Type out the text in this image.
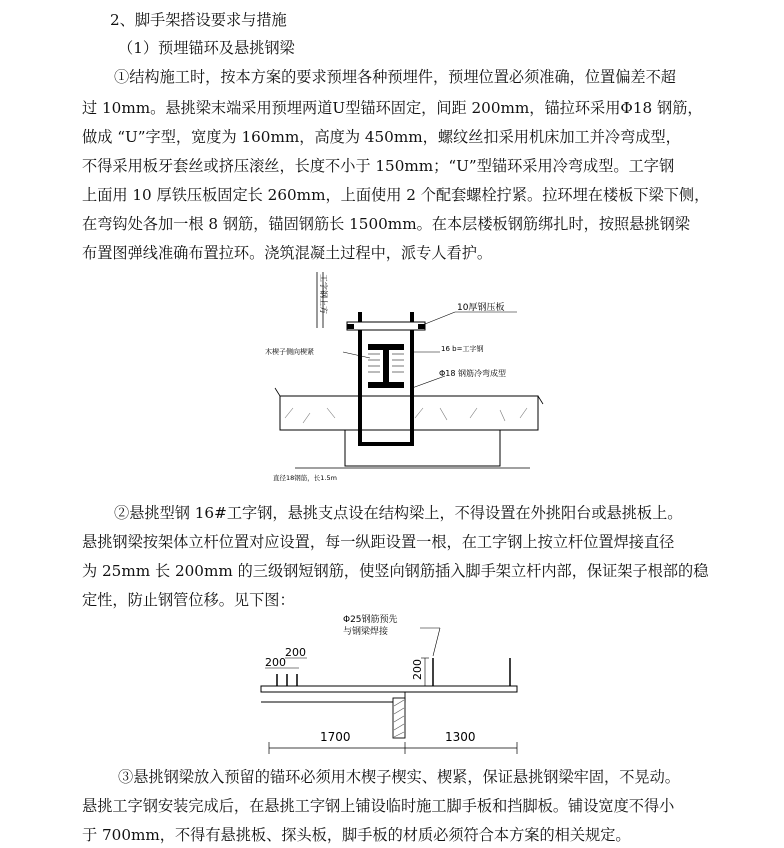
2、脚手架搭设要求与措施
（1）预埋锚环及悬挑钢梁
①结构施工时，按本方案的要求预埋各种预埋件，预埋位置必须准确，位置偏差不超
过 10mm。悬挑梁末端采用预埋两道U型锚环固定，间距 200mm，锚拉环采用Φ18 钢筋，
做成 “U”字型，宽度为 160mm，高度为 450mm，螺纹丝扣采用机床加工并冷弯成型，
不得采用板牙套丝或挤压滚丝，长度不小于 150mm；“U”型锚环采用冷弯成型。工字钢
上面用 10 厚铁压板固定长 260mm，上面使用 2 个配套螺栓拧紧。拉环埋在楼板下梁下侧，
在弯钩处各加一根 8 钢筋，锚固钢筋长 1500mm。在本层楼板钢筋绑扎时，按照悬挑钢梁
布置图弹线准确布置拉环。浇筑混凝土过程中，派专人看护。
工字钢上方	10厚钢压板
16 b=工字钢
木楔子侧向楔紧
Φ18 钢筋冷弯成型
直径18钢筋，长1.5m
②悬挑型钢 16#工字钢，悬挑支点设在结构梁上，不得设置在外挑阳台或悬挑板上。
悬挑钢梁按架体立杆位置对应设置，每一纵距设置一根，在工字钢上按立杆位置焊接直径
为 25mm 长 200mm 的三级钢短钢筋，使竖向钢筋插入脚手架立杆内部，保证架子根部的稳
定性，防止钢管位移。见下图：
Φ25钢筋预先
与钢梁焊接
200
200
200
1700	1300
③悬挑钢梁放入预留的锚环必须用木楔子楔实、楔紧，保证悬挑钢梁牢固，不晃动。
悬挑工字钢安装完成后，在悬挑工字钢上铺设临时施工脚手板和挡脚板。铺设宽度不得小
于 700mm，不得有悬挑板、探头板，脚手板的材质必须符合本方案的相关规定。
